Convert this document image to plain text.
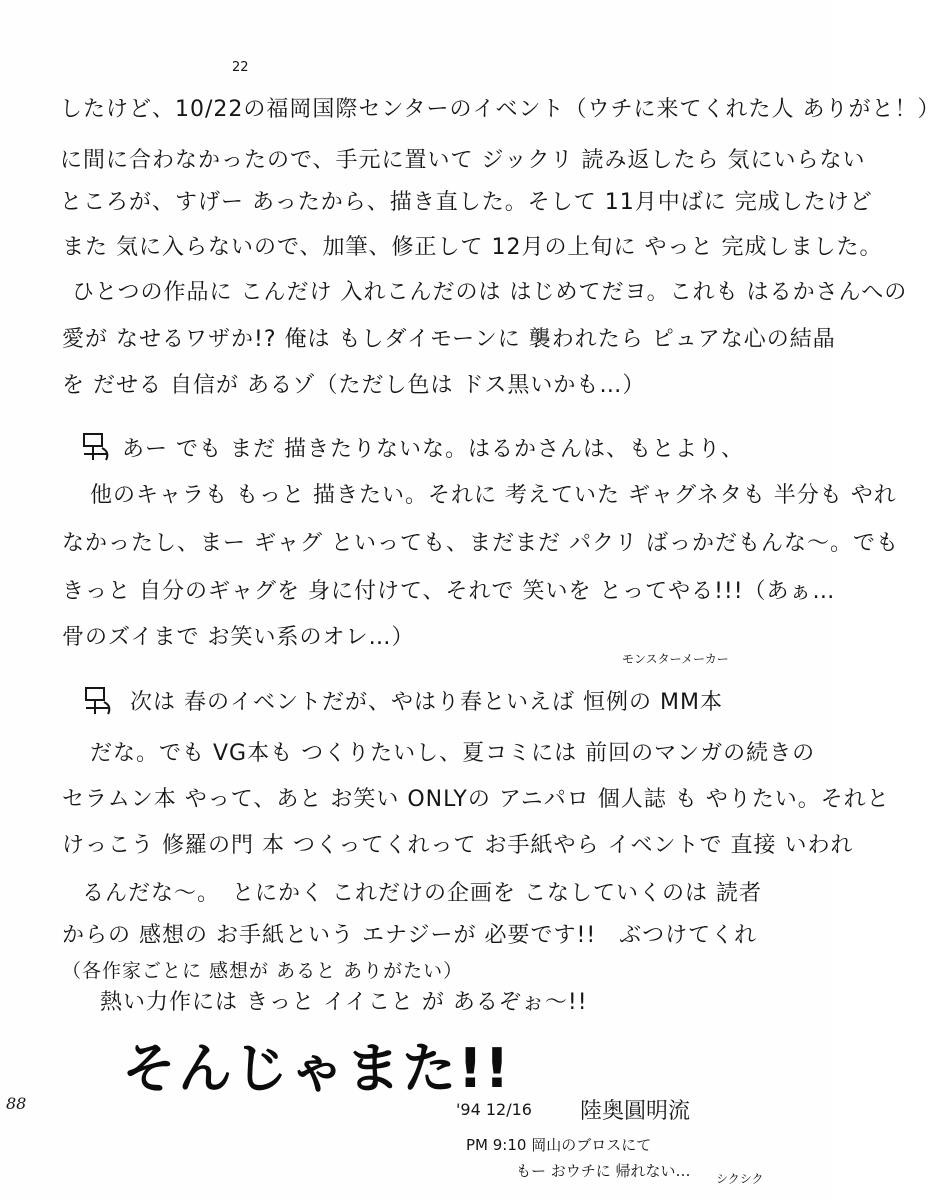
22
したけど、10/22の福岡国際センターのイベント（ウチに来てくれた人 ありがと！）
に間に合わなかったので、手元に置いて ジックリ 読み返したら 気にいらない
ところが、すげー あったから、描き直した。そして 11月中ばに 完成したけど
また 気に入らないので、加筆、修正して 12月の上旬に やっと 完成しました。
ひとつの作品に こんだけ 入れこんだのは はじめてだヨ。これも はるかさんへの
愛が なせるワザか!? 俺は もしダイモーンに 襲われたら ピュアな心の結晶
を だせる 自信が あるゾ（ただし色は ドス黒いかも…）
あー でも まだ 描きたりないな。はるかさんは、もとより、
他のキャラも もっと 描きたい。それに 考えていた ギャグネタも 半分も やれ
なかったし、まー ギャグ といっても、まだまだ パクリ ばっかだもんな～。でも
きっと 自分のギャグを 身に付けて、それで 笑いを とってやる!!!（あぁ…
骨のズイまで お笑い系のオレ…）
モンスターメーカー
次は 春のイベントだが、やはり春といえば 恒例の MM本
だな。でも VG本も つくりたいし、夏コミには 前回のマンガの続きの
セラムン本 やって、あと お笑い ONLYの アニパロ 個人誌 も やりたい。それと
けっこう 修羅の門 本 つくってくれって お手紙やら イベントで 直接 いわれ
るんだな～。　とにかく これだけの企画を こなしていくのは 読者
からの 感想の お手紙という エナジーが 必要です!!　ぶつけてくれ
（各作家ごとに 感想が あると ありがたい）
熱い力作には きっと イイこと が あるぞぉ～!!
そんじゃまた!!
88	'94 12/16 陸奥圓明流
PM 9:10 岡山のブロスにて
もー おウチに 帰れない… シクシク
